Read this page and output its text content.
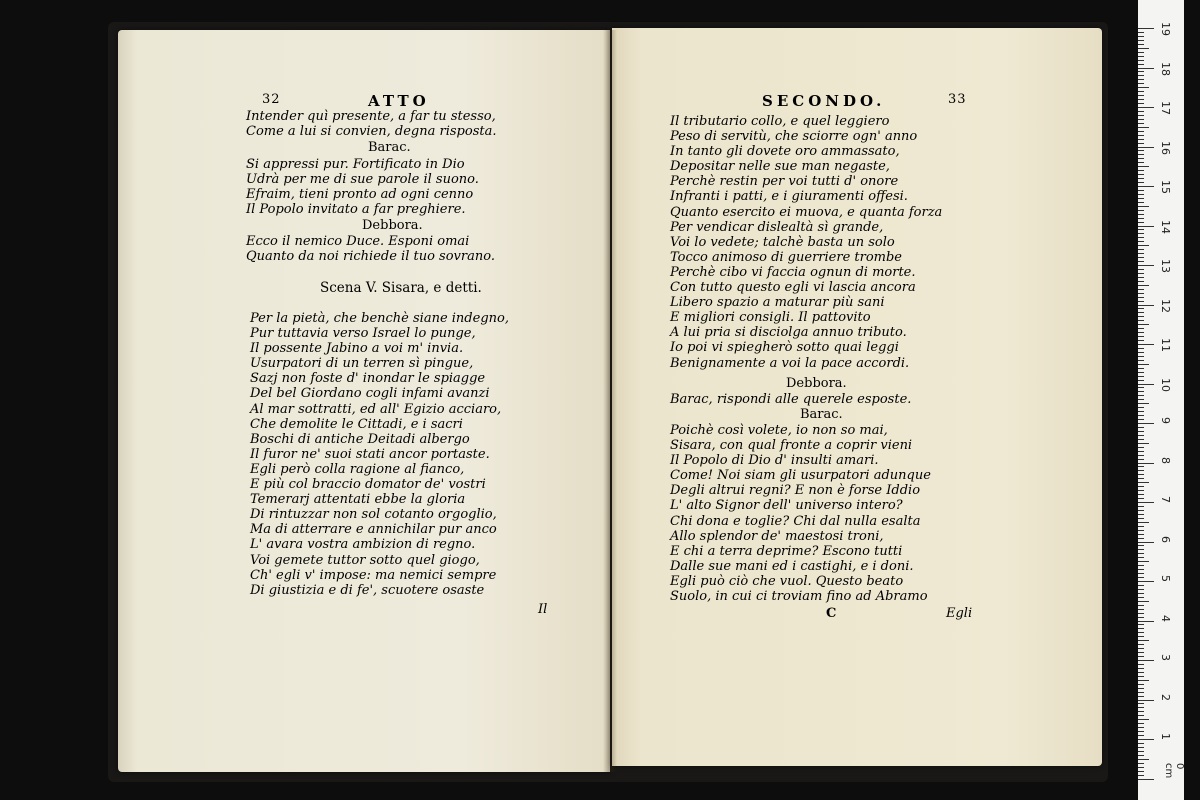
32	ATTO
Intender quì presente, a far tu stesso,
Come a lui si convien, degna risposta.
Barac.
Si appressi pur. Fortificato in Dio
Udrà per me di sue parole il suono.
Efraim, tieni pronto ad ogni cenno
Il Popolo invitato a far preghiere.
Debbora.
Ecco il nemico Duce. Esponi omai
Quanto da noi richiede il tuo sovrano.
Scena V. Sisara, e detti.
Per la pietà, che benchè siane indegno,
Pur tuttavia verso Israel lo punge,
Il possente Jabino a voi m' invia.
Usurpatori di un terren sì pingue,
Sazj non foste d' inondar le spiagge
Del bel Giordano cogli infami avanzi
Al mar sottratti, ed all' Egizio acciaro,
Che demolite le Cittadi, e i sacri
Boschi di antiche Deitadi albergo
Il furor ne' suoi stati ancor portaste.
Egli però colla ragione al fianco,
E più col braccio domator de' vostri
Temerarj attentati ebbe la gloria
Di rintuzzar non sol cotanto orgoglio,
Ma di atterrare e annichilar pur anco
L' avara vostra ambizion di regno.
Voi gemete tuttor sotto quel giogo,
Ch' egli v' impose: ma nemici sempre
Di giustizia e di fe', scuotere osaste
Il
SECONDO.	33
Il tributario collo, e quel leggiero
Peso di servitù, che sciorre ogn' anno
In tanto gli dovete oro ammassato,
Depositar nelle sue man negaste,
Perchè restin per voi tutti d' onore
Infranti i patti, e i giuramenti offesi.
Quanto esercito ei muova, e quanta forza
Per vendicar dislealtà sì grande,
Voi lo vedete; talchè basta un solo
Tocco animoso di guerriere trombe
Perchè cibo vi faccia ognun di morte.
Con tutto questo egli vi lascia ancora
Libero spazio a maturar più sani
E migliori consigli. Il pattovito
A lui pria si disciolga annuo tributo.
Io poi vi spiegherò sotto quai leggi
Benignamente a voi la pace accordi.
Debbora.
Barac, rispondi alle querele esposte.
Barac.
Poichè così volete, io non so mai,
Sisara, con qual fronte a coprir vieni
Il Popolo di Dio d' insulti amari.
Come! Noi siam gli usurpatori adunque
Degli altrui regni? E non è forse Iddio
L' alto Signor dell' universo intero?
Chi dona e toglie? Chi dal nulla esalta
Allo splendor de' maestosi troni,
E chi a terra deprime? Escono tutti
Dalle sue mani ed i castighi, e i doni.
Egli può ciò che vuol. Questo beato
Suolo, in cui ci troviam fino ad Abramo
C	Egli
19
18
17
16
15
14
13
12
11
10
9
8
7
6
5
4
3
2
1
0 cm
